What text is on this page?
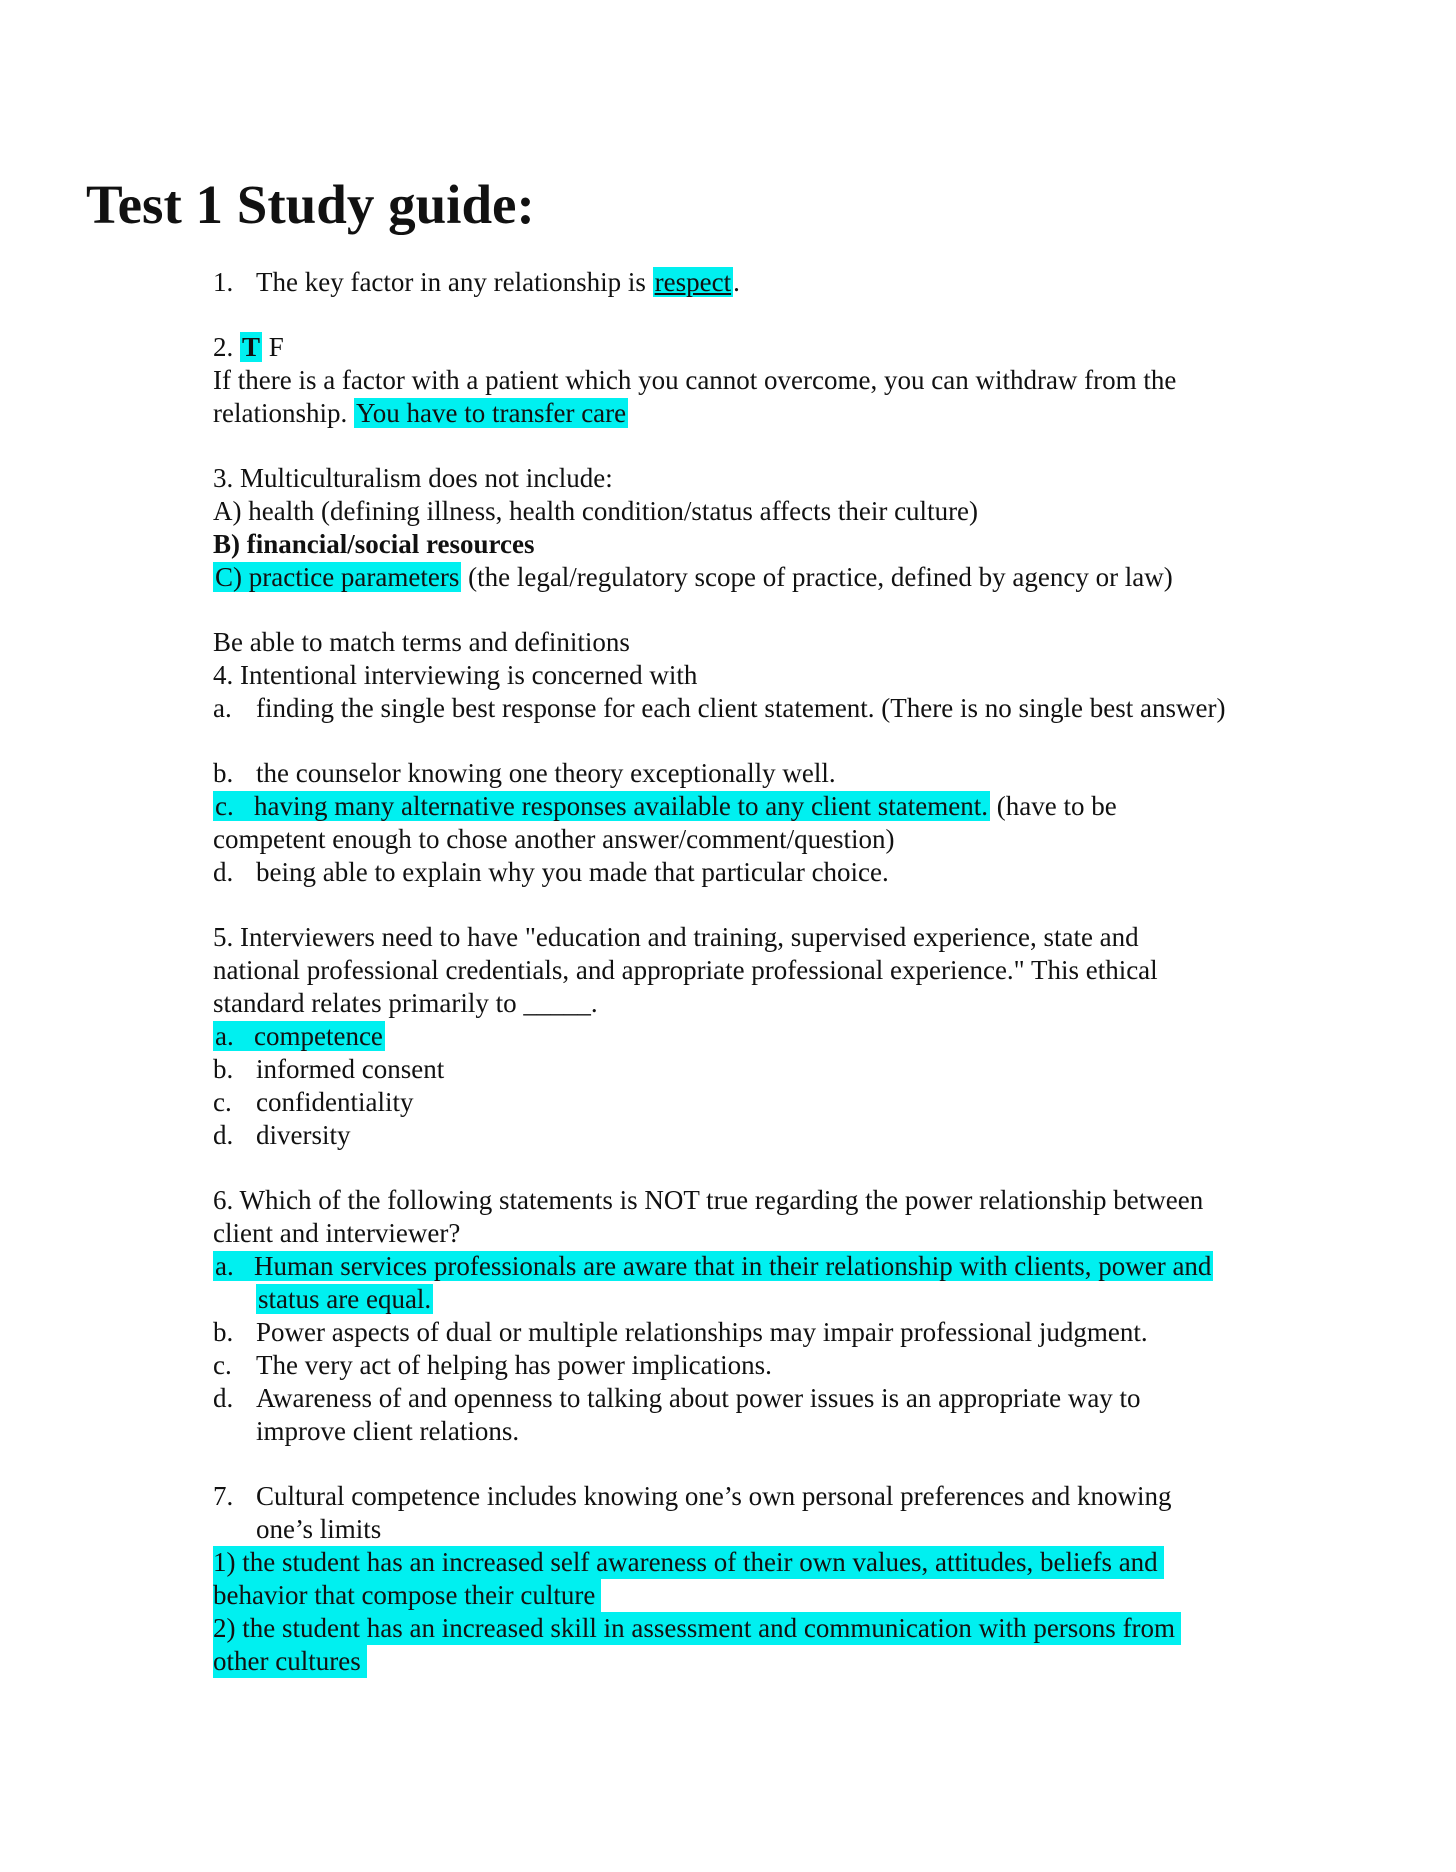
Test 1 Study guide:
1. The key factor in any relationship is respect.
2. T F
If there is a factor with a patient which you cannot overcome, you can withdraw from the
relationship. You have to transfer care
3. Multiculturalism does not include:
A) health (defining illness, health condition/status affects their culture)
B) financial/social resources
C) practice parameters (the legal/regulatory scope of practice, defined by agency or law)
Be able to match terms and definitions
4. Intentional interviewing is concerned with
a. finding the single best response for each client statement. (There is no single best answer)
b. the counselor knowing one theory exceptionally well.
c.   having many alternative responses available to any client statement. (have to be
competent enough to chose another answer/comment/question)
d. being able to explain why you made that particular choice.
5. Interviewers need to have "education and training, supervised experience, state and
national professional credentials, and appropriate professional experience." This ethical
standard relates primarily to _____.
a.   competence
b. informed consent
c. confidentiality
d. diversity
6. Which of the following statements is NOT true regarding the power relationship between
client and interviewer?
a.   Human services professionals are aware that in their relationship with clients, power and
status are equal.
b. Power aspects of dual or multiple relationships may impair professional judgment.
c. The very act of helping has power implications.
d. Awareness of and openness to talking about power issues is an appropriate way to
improve client relations.
7. Cultural competence includes knowing one’s own personal preferences and knowing
one’s limits
1) the student has an increased self awareness of their own values, attitudes, beliefs and
behavior that compose their culture
2) the student has an increased skill in assessment and communication with persons from
other cultures
